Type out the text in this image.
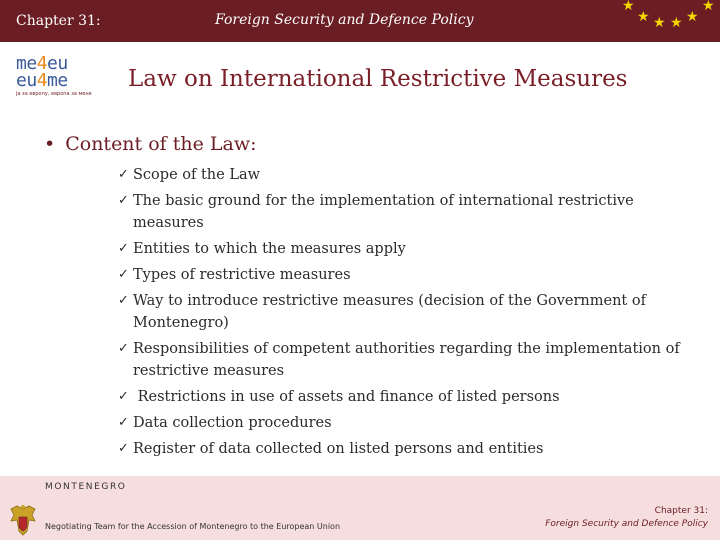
Chapter 31:	Foreign Security and Defence Policy
★
★ ★ ★ ★
★
me4eu
eu4me
ја за европу, европа за мене
Law on International Restrictive Measures
• Content of the Law:
✓ Scope of the Law
✓ The basic ground for the implementation of international restrictive measures
✓ Entities to which the measures apply
✓ Types of restrictive measures
✓ Way to introduce restrictive measures (decision of the Government of Montenegro)
✓ Responsibilities of competent authorities regarding the implementation of restrictive measures
✓ Restrictions in use of assets and finance of listed persons
✓ Data collection procedures
✓ Register of data collected on listed persons and entities
MONTENEGRO
Negotiating Team for the Accession of Montenegro to the European Union
Chapter 31:
Foreign Security and Defence Policy
